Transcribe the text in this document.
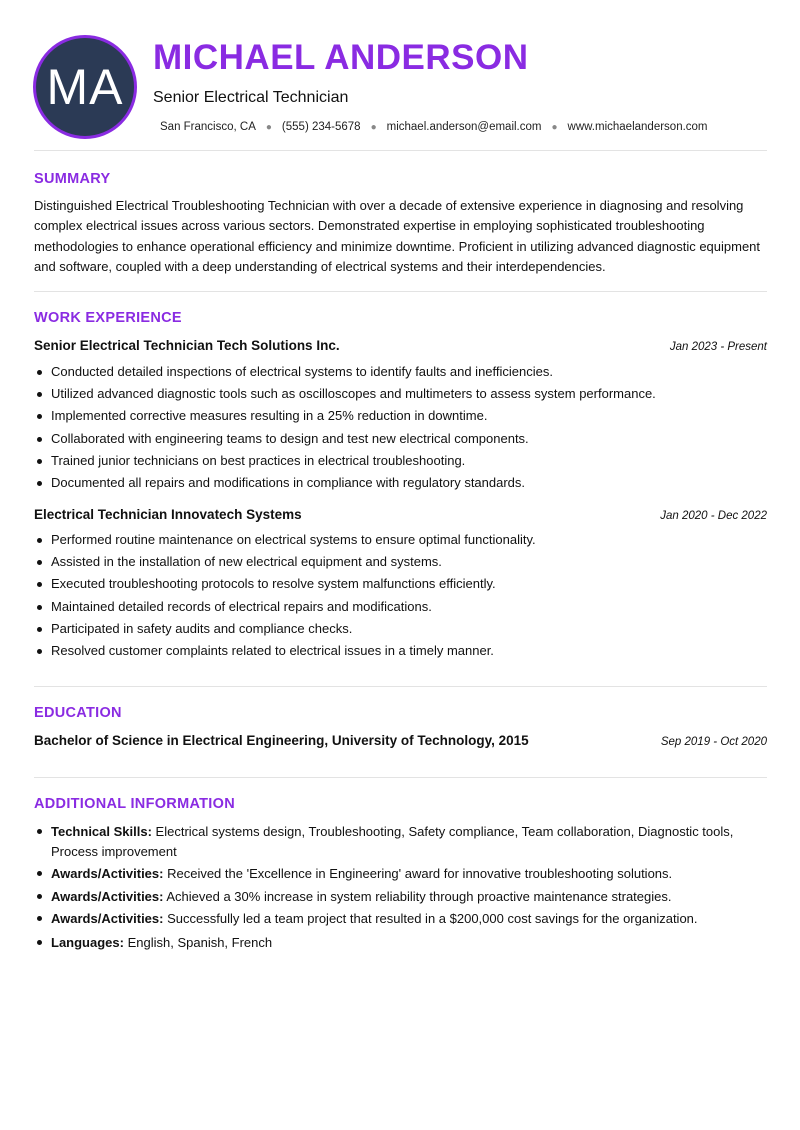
MA
MICHAEL ANDERSON
Senior Electrical Technician
San Francisco, CA ● (555) 234-5678 ● michael.anderson@email.com ● www.michaelanderson.com
SUMMARY
Distinguished Electrical Troubleshooting Technician with over a decade of extensive experience in diagnosing and resolving complex electrical issues across various sectors. Demonstrated expertise in employing sophisticated troubleshooting methodologies to enhance operational efficiency and minimize downtime. Proficient in utilizing advanced diagnostic equipment and software, coupled with a deep understanding of electrical systems and their interdependencies.
WORK EXPERIENCE
Senior Electrical Technician Tech Solutions Inc.	Jan 2023 - Present
Conducted detailed inspections of electrical systems to identify faults and inefficiencies.
Utilized advanced diagnostic tools such as oscilloscopes and multimeters to assess system performance.
Implemented corrective measures resulting in a 25% reduction in downtime.
Collaborated with engineering teams to design and test new electrical components.
Trained junior technicians on best practices in electrical troubleshooting.
Documented all repairs and modifications in compliance with regulatory standards.
Electrical Technician Innovatech Systems	Jan 2020 - Dec 2022
Performed routine maintenance on electrical systems to ensure optimal functionality.
Assisted in the installation of new electrical equipment and systems.
Executed troubleshooting protocols to resolve system malfunctions efficiently.
Maintained detailed records of electrical repairs and modifications.
Participated in safety audits and compliance checks.
Resolved customer complaints related to electrical issues in a timely manner.
EDUCATION
Bachelor of Science in Electrical Engineering, University of Technology, 2015	Sep 2019 - Oct 2020
ADDITIONAL INFORMATION
Technical Skills: Electrical systems design, Troubleshooting, Safety compliance, Team collaboration, Diagnostic tools, Process improvement
Awards/Activities: Received the 'Excellence in Engineering' award for innovative troubleshooting solutions.
Awards/Activities: Achieved a 30% increase in system reliability through proactive maintenance strategies.
Awards/Activities: Successfully led a team project that resulted in a $200,000 cost savings for the organization.
Languages: English, Spanish, French
